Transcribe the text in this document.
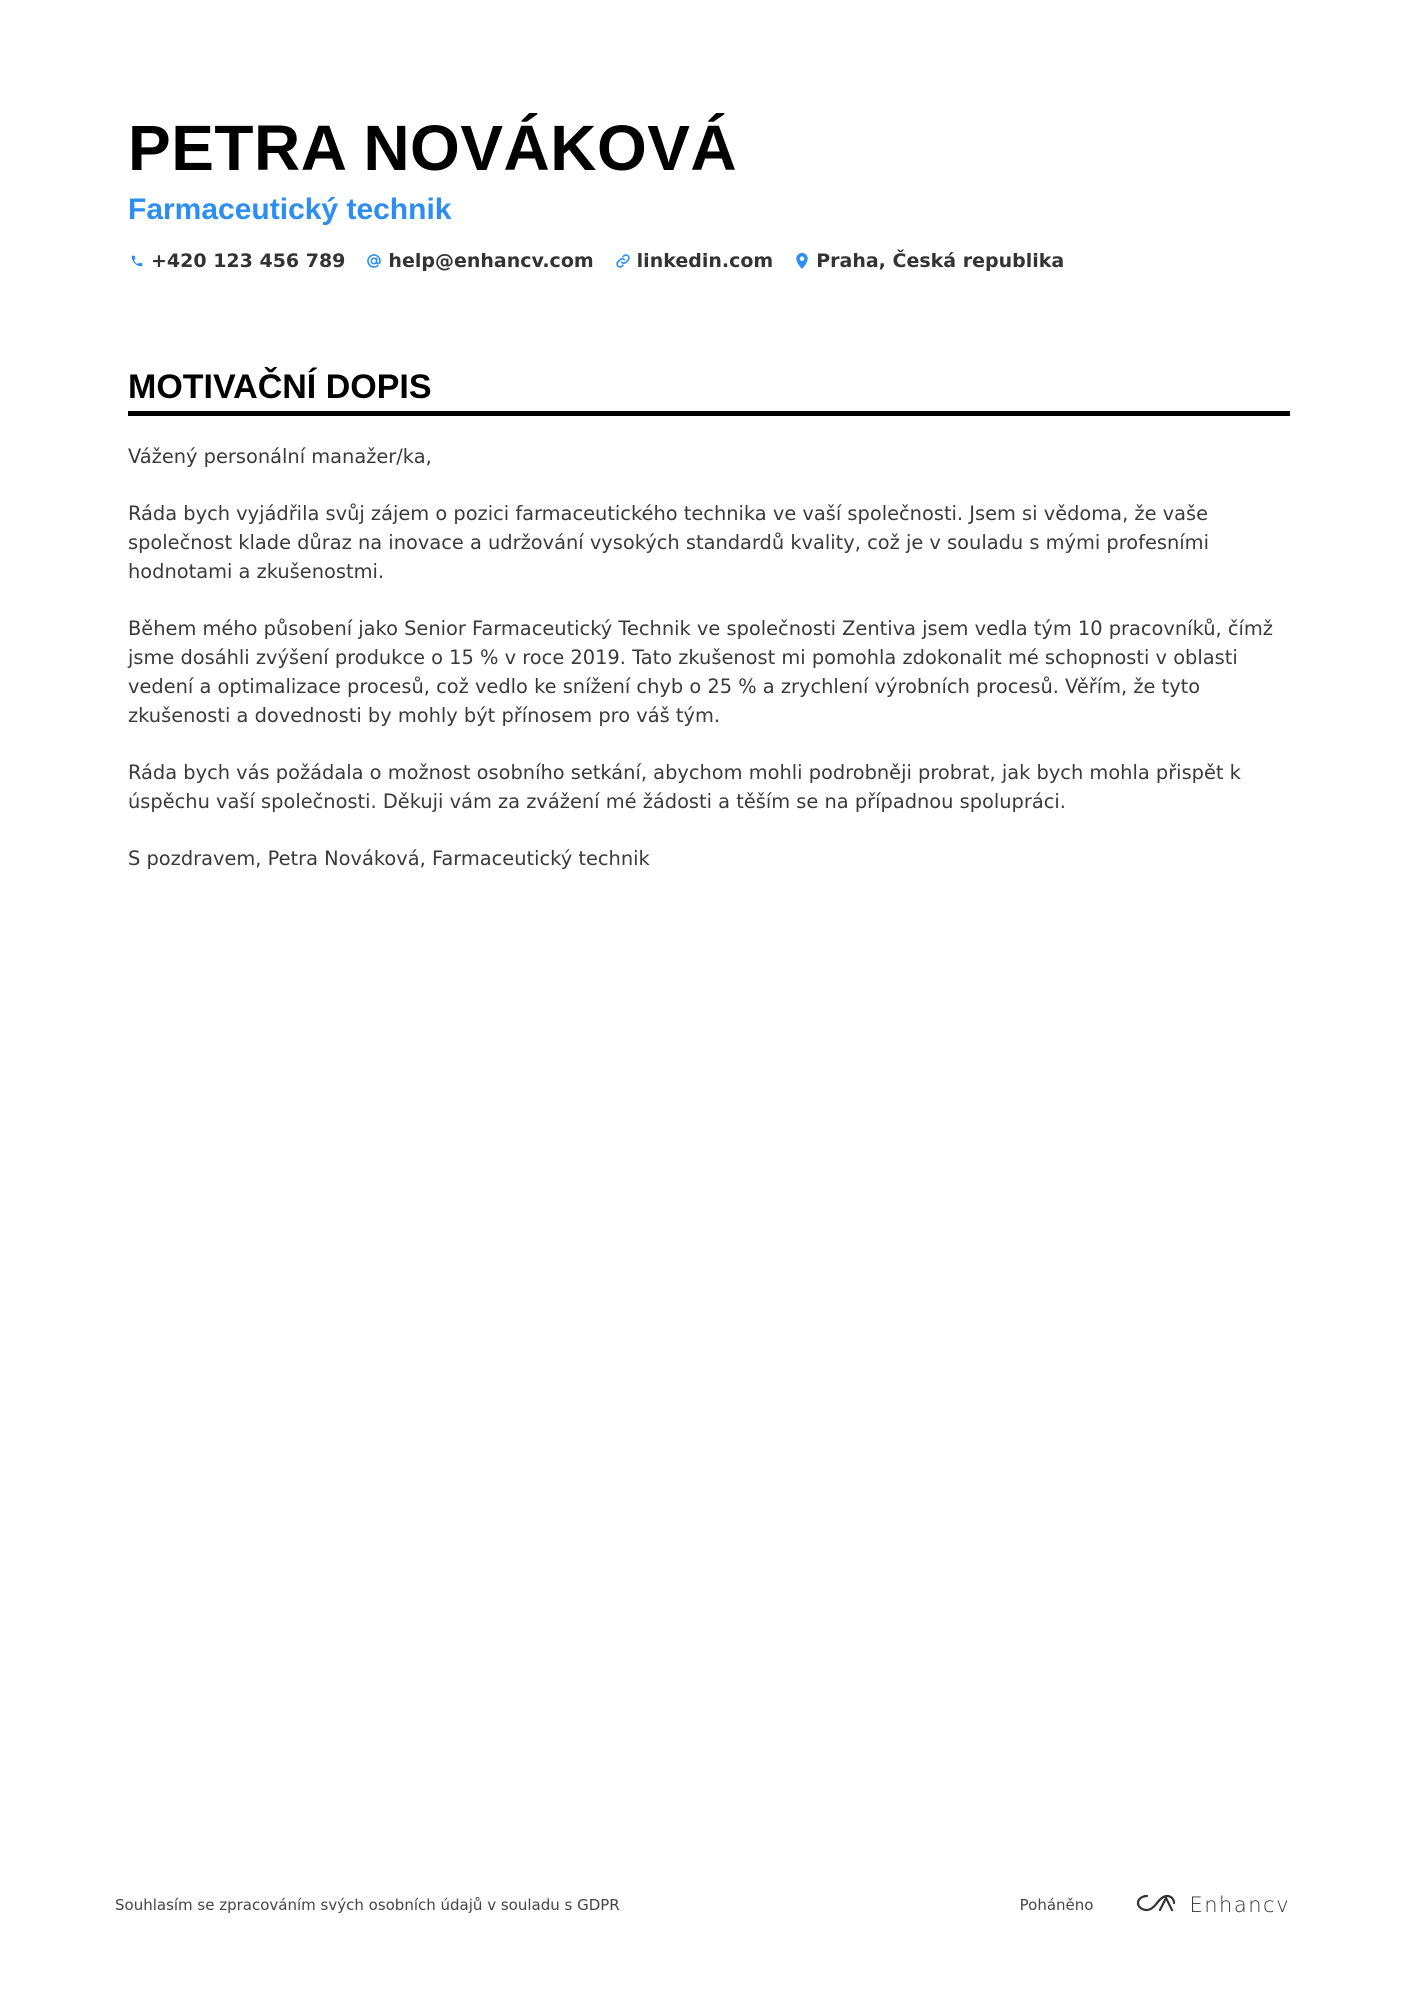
PETRA NOVÁKOVÁ
Farmaceutický technik
+420 123 456 789 help@enhancv.com linkedin.com Praha, Česká republika
MOTIVAČNÍ DOPIS

Vážený personální manažer/ka,

Ráda bych vyjádřila svůj zájem o pozici farmaceutického technika ve vaší společnosti. Jsem si vědoma, že vaše společnost klade důraz na inovace a udržování vysokých standardů kvality, což je v souladu s mými profesními hodnotami a zkušenostmi.

Během mého působení jako Senior Farmaceutický Technik ve společnosti Zentiva jsem vedla tým 10 pracovníků, čímž jsme dosáhli zvýšení produkce o 15 % v roce 2019. Tato zkušenost mi pomohla zdokonalit mé schopnosti v oblasti vedení a optimalizace procesů, což vedlo ke snížení chyb o 25 % a zrychlení výrobních procesů. Věřím, že tyto zkušenosti a dovednosti by mohly být přínosem pro váš tým.

Ráda bych vás požádala o možnost osobního setkání, abychom mohli podrobněji probrat, jak bych mohla přispět k úspěchu vaší společnosti. Děkuji vám za zvážení mé žádosti a těším se na případnou spolupráci.

S pozdravem, Petra Nováková, Farmaceutický technik

Souhlasím se zpracováním svých osobních údajů v souladu s GDPR	Poháněno	Enhancv
